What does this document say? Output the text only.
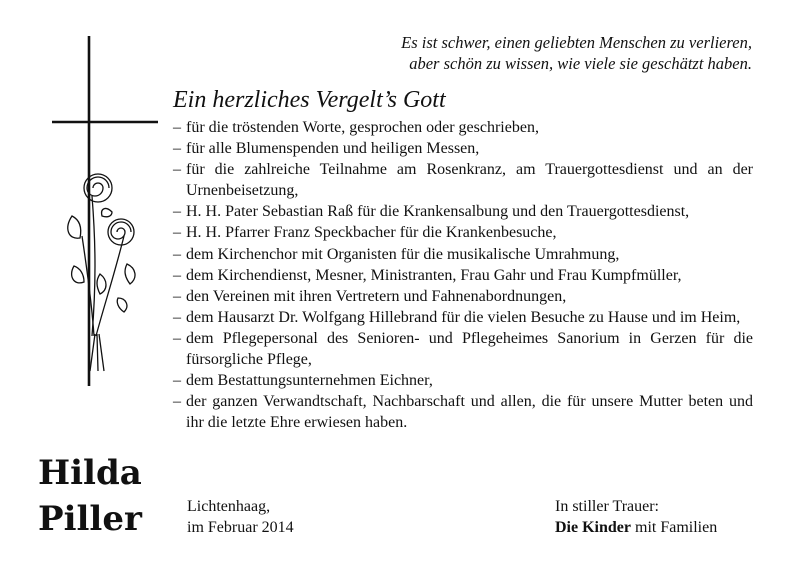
Es ist schwer, einen geliebten Menschen zu verlieren,
aber schön zu wissen, wie viele sie geschätzt haben.
Ein herzliches Vergelt’s Gott
– für die tröstenden Worte, gesprochen oder geschrieben,
– für alle Blumenspenden und heiligen Messen,
– für die zahlreiche Teilnahme am Rosenkranz, am Trauergottesdienst und an der Urnenbeisetzung,
– H. H. Pater Sebastian Raß für die Krankensalbung und den Trauergottesdienst,
– H. H. Pfarrer Franz Speckbacher für die Krankenbesuche,
– dem Kirchenchor mit Organisten für die musikalische Umrahmung,
– dem Kirchendienst, Mesner, Ministranten, Frau Gahr und Frau Kumpfmüller,
– den Vereinen mit ihren Vertretern und Fahnenabordnungen,
– dem Hausarzt Dr. Wolfgang Hillebrand für die vielen Besuche zu Hause und im Heim,
– dem Pflegepersonal des Senioren- und Pflegeheimes Sanorium in Gerzen für die fürsorgliche Pflege,
– dem Bestattungsunternehmen Eichner,
– der ganzen Verwandtschaft, Nachbarschaft und allen, die für unsere Mutter beten und ihr die letzte Ehre erwiesen haben.
Hilda
Piller	Lichtenhaag,
im Februar 2014
In stiller Trauer:
Die Kinder mit Familien
